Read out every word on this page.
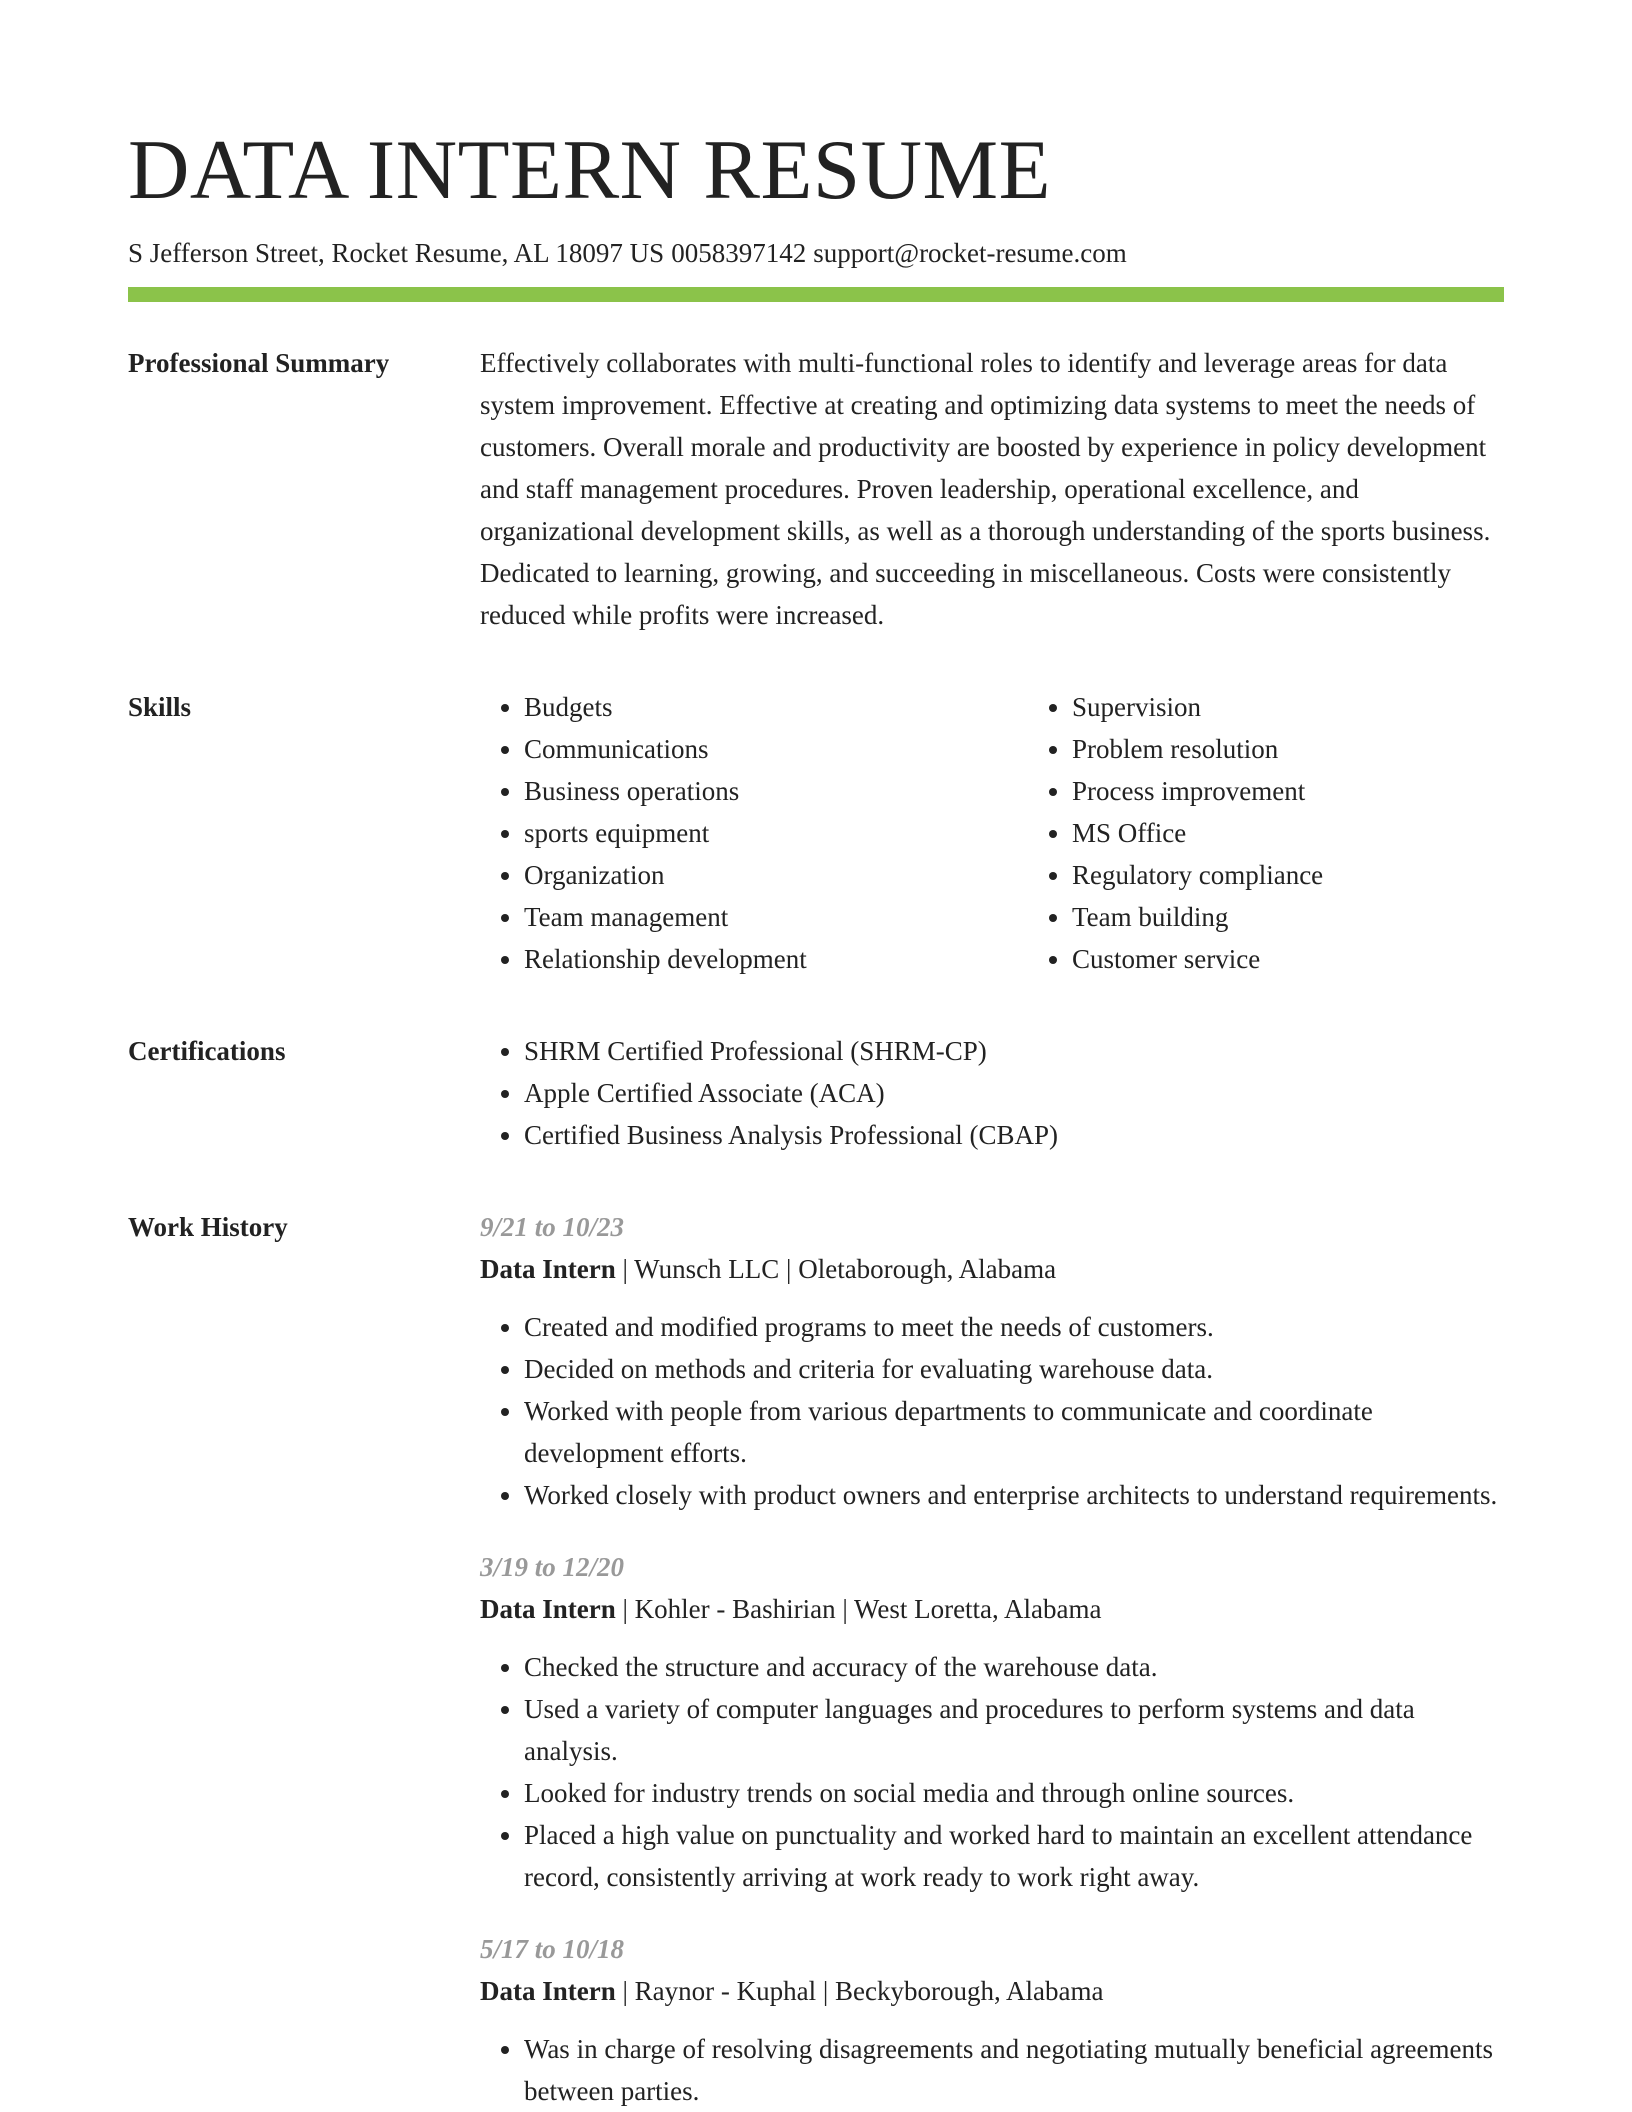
DATA INTERN RESUME
S Jefferson Street, Rocket Resume, AL 18097 US 0058397142 support@rocket-resume.com
Professional Summary	Effectively collaborates with multi-functional roles to identify and leverage areas for data system improvement. Effective at creating and optimizing data systems to meet the needs of customers. Overall morale and productivity are boosted by experience in policy development and staff management procedures. Proven leadership, operational excellence, and organizational development skills, as well as a thorough understanding of the sports business. Dedicated to learning, growing, and succeeding in miscellaneous. Costs were consistently reduced while profits were increased.

Skills	• Budgets
• Communications
• Business operations
• sports equipment
• Organization
• Team management
• Relationship development
• Supervision
• Problem resolution
• Process improvement
• MS Office
• Regulatory compliance
• Team building
• Customer service
Certifications	• SHRM Certified Professional (SHRM-CP)
• Apple Certified Associate (ACA)
• Certified Business Analysis Professional (CBAP)
Work History	9/21 to 10/23
Data Intern | Wunsch LLC | Oletaborough, Alabama
• Created and modified programs to meet the needs of customers.
• Decided on methods and criteria for evaluating warehouse data.
• Worked with people from various departments to communicate and coordinate development efforts.
• Worked closely with product owners and enterprise architects to understand requirements.
3/19 to 12/20
Data Intern | Kohler - Bashirian | West Loretta, Alabama
• Checked the structure and accuracy of the warehouse data.
• Used a variety of computer languages and procedures to perform systems and data analysis.
• Looked for industry trends on social media and through online sources.
• Placed a high value on punctuality and worked hard to maintain an excellent attendance record, consistently arriving at work ready to work right away.
5/17 to 10/18
Data Intern | Raynor - Kuphal | Beckyborough, Alabama
• Was in charge of resolving disagreements and negotiating mutually beneficial agreements between parties.
